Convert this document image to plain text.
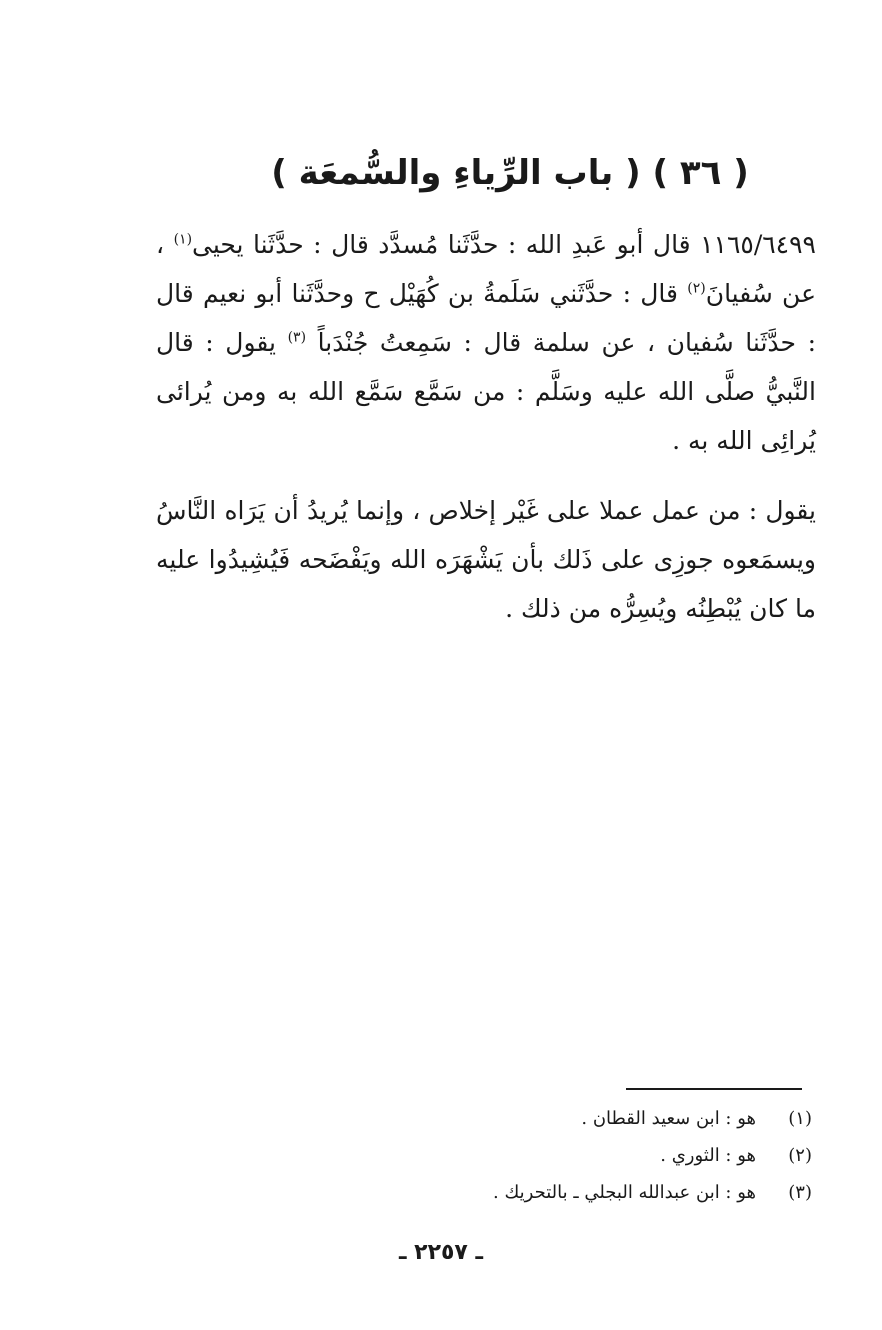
( ٣٦ ) ( باب الرِّياءِ والسُّمعَة )
١١٦٥/٦٤٩٩ قال أبو عَبدِ الله : حدَّثَنا مُسدَّد قال : حدَّثَنا يحيى$^{(١)}$ ، عن سُفيانَ$^{(٢)}$ قال : حدَّثَني سَلَمةُ بن كُهَيْل ح وحدَّثَنا أبو نعيم قال : حدَّثَنا سُفيان ، عن سلمة قال : سَمِعتُ جُنْدَباً $^{(٣)}$ يقول : قال النَّبيُّ صلَّى الله عليه وسَلَّم : من سَمَّع سَمَّع الله به ومن يُرائى يُرائِى الله به .
يقول : من عمل عملا على غَيْر إخلاص ، وإنما يُريدُ أن يَرَاه النَّاسُ ويسمَعوه جوزِى على ذَلك بأن يَشْهَرَه الله ويَفْضَحه فَيُشِيدُوا عليه ما كان يُبْطِنُه ويُسِرُّه من ذلك .
(١)
هو : ابن سعيد القطان .
(٢)
هو : الثوري .
(٣)
هو : ابن عبدالله البجلي ـ بالتحريك .
ـ ٢٢٥٧ ـ
